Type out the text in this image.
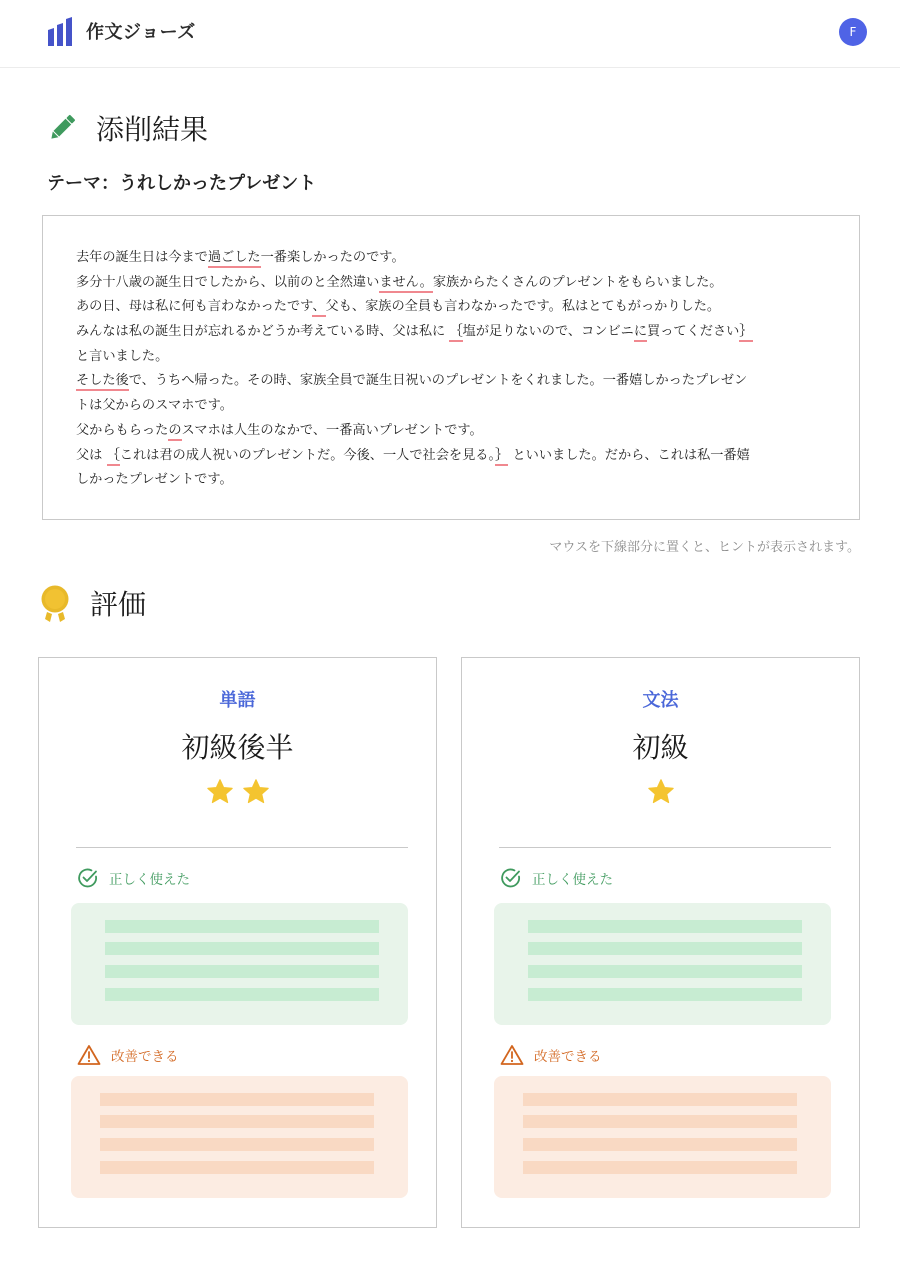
作文ジョーズ	F
添削結果
テーマ：うれしかったプレゼント
去年の誕生日は今まで過ごした一番楽しかったのです。
多分十八歳の誕生日でしたから、以前のと全然違いません。家族からたくさんのプレゼントをもらいました。
あの日、母は私に何も言わなかったです、父も、家族の全員も言わなかったです。私はとてもがっかりした。
みんなは私の誕生日が忘れるかどうか考えている時、父は私に ｛塩が足りないので、コンビニに買ってください｝
と言いました。
そした後で、うちへ帰った。その時、家族全員で誕生日祝いのプレゼントをくれました。一番嬉しかったプレゼン
トは父からのスマホです。
父からもらったのスマホは人生のなかで、一番高いプレゼントです。
父は ｛これは君の成人祝いのプレゼントだ。今後、一人で社会を見る。｝ といいました。だから、これは私一番嬉
しかったプレゼントです。
マウスを下線部分に置くと、ヒントが表示されます。
評価
単語
初級後半
正しく使えた
改善できる
文法
初級
正しく使えた
改善できる
